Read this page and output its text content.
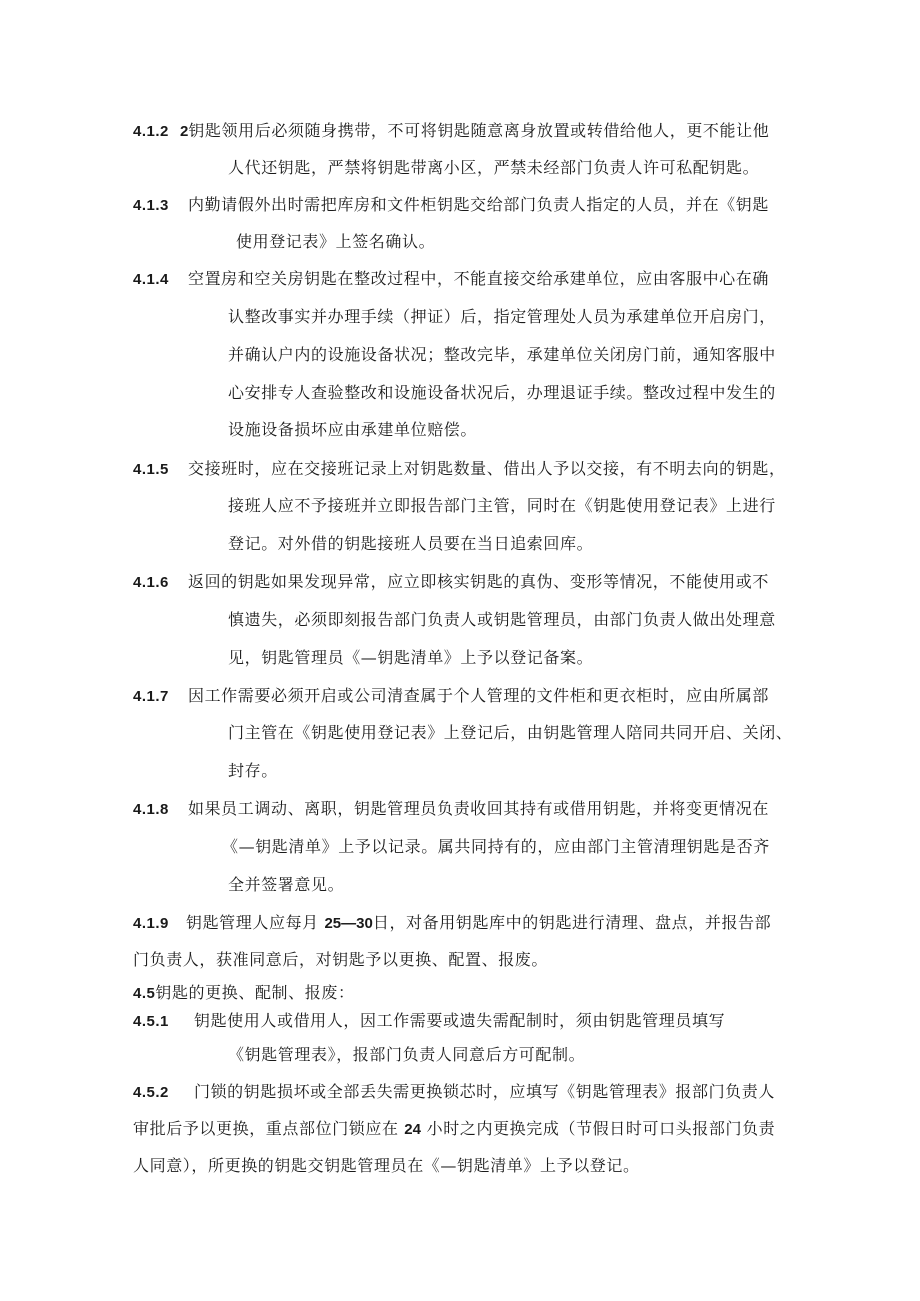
4.1.2 2钥匙领用后必须随身携带，不可将钥匙随意离身放置或转借给他人，更不能让他
人代还钥匙，严禁将钥匙带离小区，严禁未经部门负责人许可私配钥匙。
4.1.3 内勤请假外出时需把库房和文件柜钥匙交给部门负责人指定的人员，并在《钥匙
使用登记表》上签名确认。
4.1.4 空置房和空关房钥匙在整改过程中，不能直接交给承建单位，应由客服中心在确
认整改事实并办理手续（押证）后，指定管理处人员为承建单位开启房门，
并确认户内的设施设备状况；整改完毕，承建单位关闭房门前，通知客服中
心安排专人查验整改和设施设备状况后，办理退证手续。整改过程中发生的
设施设备损坏应由承建单位赔偿。
4.1.5 交接班时，应在交接班记录上对钥匙数量、借出人予以交接，有不明去向的钥匙，
接班人应不予接班并立即报告部门主管，同时在《钥匙使用登记表》上进行
登记。对外借的钥匙接班人员要在当日追索回库。
4.1.6 返回的钥匙如果发现异常，应立即核实钥匙的真伪、变形等情况，不能使用或不
慎遗失，必须即刻报告部门负责人或钥匙管理员，由部门负责人做出处理意
见，钥匙管理员《—钥匙清单》上予以登记备案。
4.1.7 因工作需要必须开启或公司清查属于个人管理的文件柜和更衣柜时，应由所属部
门主管在《钥匙使用登记表》上登记后，由钥匙管理人陪同共同开启、关闭、
封存。
4.1.8 如果员工调动、离职，钥匙管理员负责收回其持有或借用钥匙，并将变更情况在
《—钥匙清单》上予以记录。属共同持有的，应由部门主管清理钥匙是否齐
全并签署意见。
4.1.9 钥匙管理人应每月 25—30日，对备用钥匙库中的钥匙进行清理、盘点，并报告部
门负责人，获准同意后，对钥匙予以更换、配置、报废。
4.5钥匙的更换、配制、报废：
4.5.1 钥匙使用人或借用人，因工作需要或遗失需配制时，须由钥匙管理员填写
《钥匙管理表》，报部门负责人同意后方可配制。
4.5.2 门锁的钥匙损坏或全部丢失需更换锁芯时，应填写《钥匙管理表》报部门负责人
审批后予以更换，重点部位门锁应在 24 小时之内更换完成（节假日时可口头报部门负责
人同意），所更换的钥匙交钥匙管理员在《—钥匙清单》上予以登记。
